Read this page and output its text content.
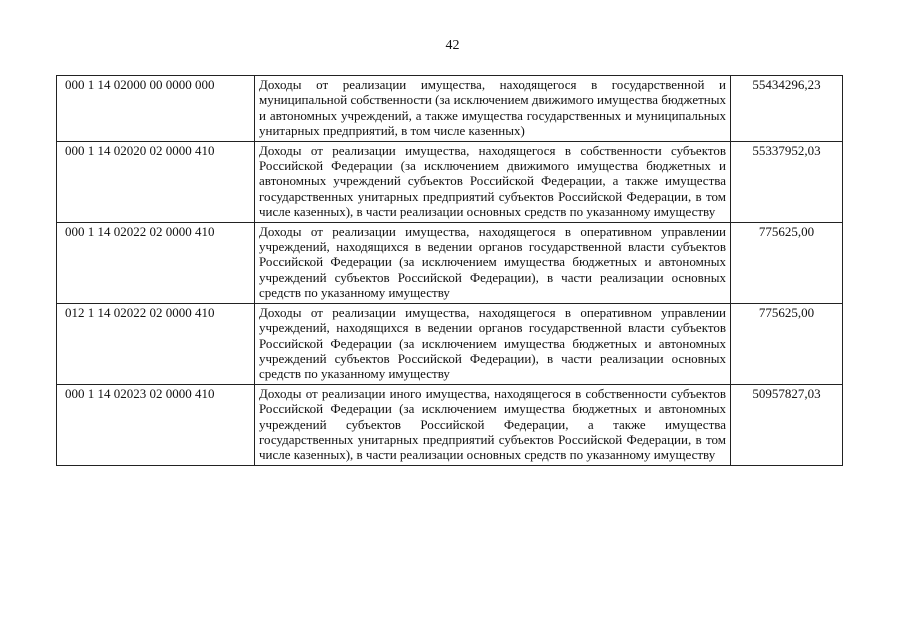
42
000 1 14 02000 00 0000 000	Доходы от реализации имущества, находящегося в государственной и муниципальной собственности (за исключением движимого имущества бюджетных и автономных учреждений, а также имущества государственных и муниципальных унитарных предприятий, в том числе казенных)	55434296,23
000 1 14 02020 02 0000 410	Доходы от реализации имущества, находящегося в собственности субъектов Российской Федерации (за исключением движимого имущества бюджетных и автономных учреждений субъектов Российской Федерации, а также имущества государственных унитарных предприятий субъектов Российской Федерации, в том числе казенных), в части реализации основных средств по указанному имуществу	55337952,03
000 1 14 02022 02 0000 410	Доходы от реализации имущества, находящегося в оперативном управлении учреждений, находящихся в ведении органов государственной власти субъектов Российской Федерации (за исключением имущества бюджетных и автономных учреждений субъектов Российской Федерации), в части реализации основных средств по указанному имуществу	775625,00
012 1 14 02022 02 0000 410	Доходы от реализации имущества, находящегося в оперативном управлении учреждений, находящихся в ведении органов государственной власти субъектов Российской Федерации (за исключением имущества бюджетных и автономных учреждений субъектов Российской Федерации), в части реализации основных средств по указанному имуществу	775625,00
000 1 14 02023 02 0000 410	Доходы от реализации иного имущества, находящегося в собственности субъектов Российской Федерации (за исключением имущества бюджетных и автономных учреждений субъектов Российской Федерации, а также имущества государственных унитарных предприятий субъектов Российской Федерации, в том числе казенных), в части реализации основных средств по указанному имуществу	50957827,03
